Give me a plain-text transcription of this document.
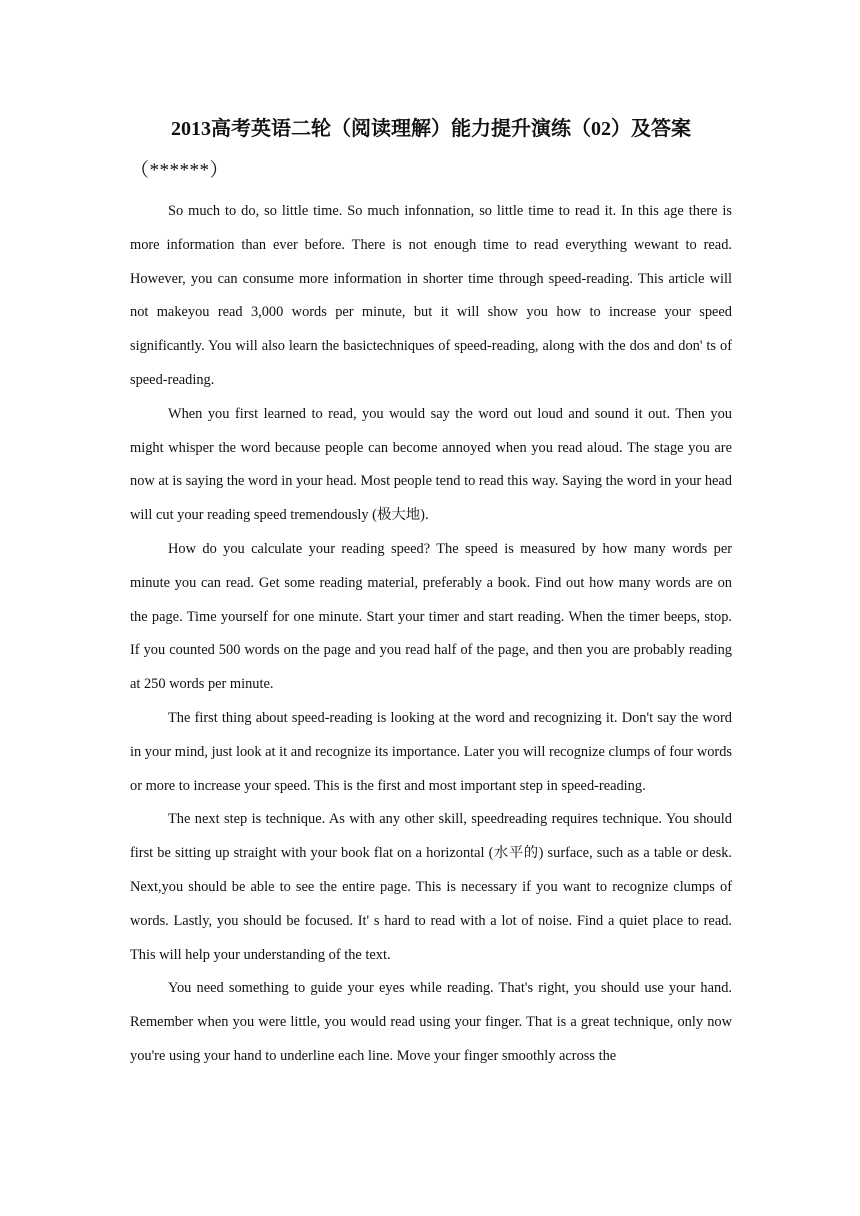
2013高考英语二轮（阅读理解）能力提升演练（02）及答案
（******）

So much to do, so little time. So much infonnation, so little time to read it. In this age there is more information than ever before. There is not enough time to read everything wewant to read. However, you can consume more information in shorter time through speed-reading. This article will not makeyou read 3,000 words per minute, but it will show you how to increase your speed significantly. You will also learn the basictechniques of speed-reading, along with the dos and don' ts of speed-reading.

When you first learned to read, you would say the word out loud and sound it out. Then you might whisper the word because people can become annoyed when you read aloud. The stage you are now at is saying the word in your head. Most people tend to read this way. Saying the word in your head will cut your reading speed tremendously (极大地).

How do you calculate your reading speed? The speed is measured by how many words per minute you can read. Get some reading material, preferably a book. Find out how many words are on the page. Time yourself for one minute. Start your timer and start reading. When the timer beeps, stop. If you counted 500 words on the page and you read half of the page, and then you are probably reading at 250 words per minute.

The first thing about speed-reading is looking at the word and recognizing it. Don't say the word in your mind, just look at it and recognize its importance. Later you will recognize clumps of four words or more to increase your speed. This is the first and most important step in speed-reading.

The next step is technique. As with any other skill, speedreading requires technique. You should first be sitting up straight with your book flat on a horizontal (水平的) surface, such as a table or desk. Next,you should be able to see the entire page. This is necessary if you want to recognize clumps of words. Lastly, you should be focused. It' s hard to read with a lot of noise. Find a quiet place to read. This will help your understanding of the text.

You need something to guide your eyes while reading. That's right, you should use your hand. Remember when you were little, you would read using your finger. That is a great technique, only now you're using your hand to underline each line. Move your finger smoothly across the
